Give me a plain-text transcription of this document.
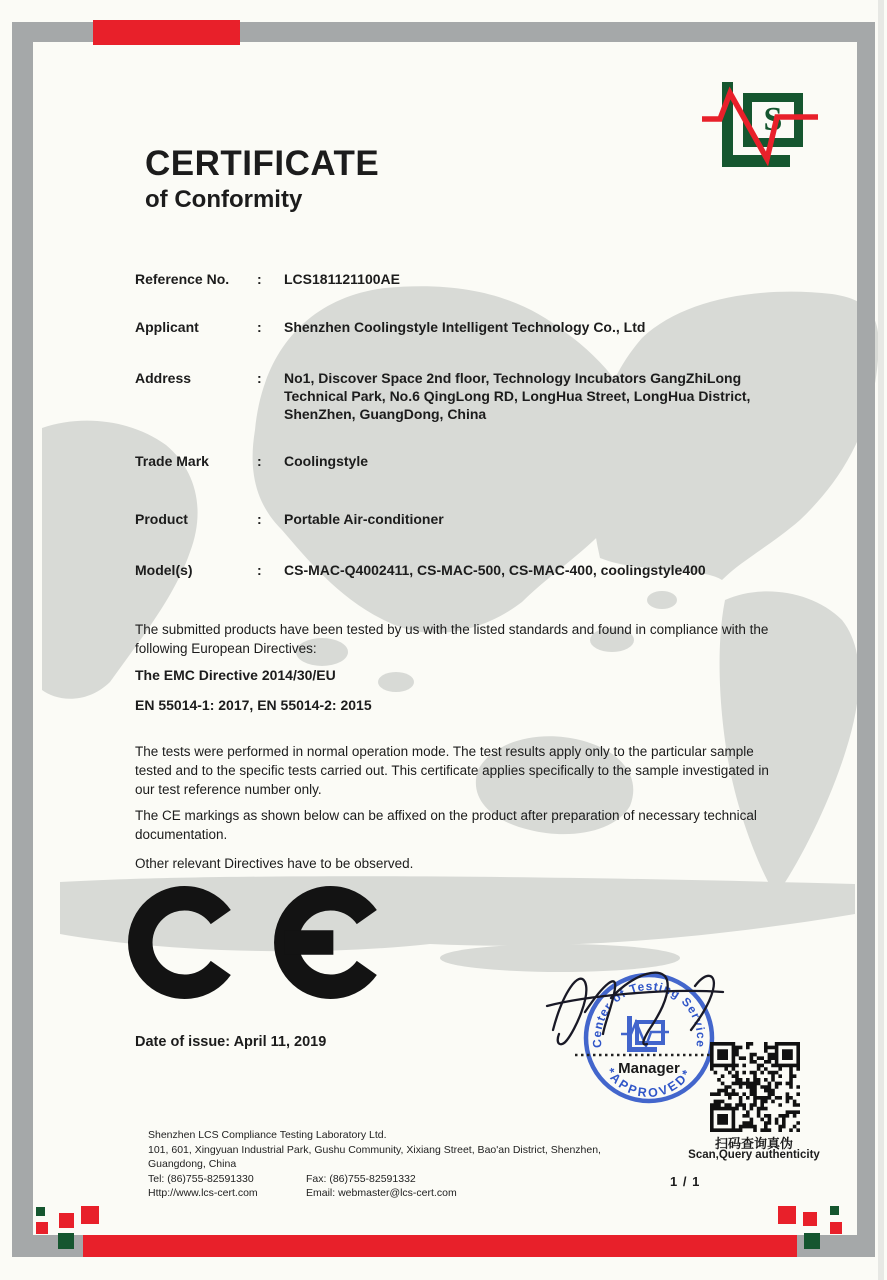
S
CERTIFICATE
of Conformity
Reference No.	: LCS181121100AE
Applicant	: Shenzhen Coolingstyle Intelligent Technology Co., Ltd
Address	: No1, Discover Space 2nd floor, Technology Incubators GangZhiLong Technical Park, No.6 QingLong RD, LongHua Street, LongHua District, ShenZhen, GuangDong, China
Trade Mark	: Coolingstyle
Product	: Portable Air-conditioner
Model(s)	: CS-MAC-Q4002411, CS-MAC-500, CS-MAC-400, coolingstyle400
The submitted products have been tested by us with the listed standards and found in compliance with the following European Directives:
The EMC Directive 2014/30/EU
EN 55014-1: 2017, EN 55014-2: 2015
The tests were performed in normal operation mode. The test results apply only to the particular sample tested and to the specific tests carried out. This certificate applies specifically to the sample investigated in our test reference number only.
The CE markings as shown below can be affixed on the product after preparation of necessary technical documentation.
Other relevant Directives have to be observed.
Date of issue: April 11, 2019	Center of Testing Service
*APPROVED*
Manager
扫码查询真伪
Scan,Query authenticity
Shenzhen LCS Compliance Testing Laboratory Ltd.
101, 601, Xingyuan Industrial Park, Gushu Community, Xixiang Street, Bao'an District, Shenzhen,
Guangdong, China
Tel: (86)755-82591330	Fax: (86)755-82591332
Http://www.lcs-cert.com	Email: webmaster@lcs-cert.com
1 / 1
